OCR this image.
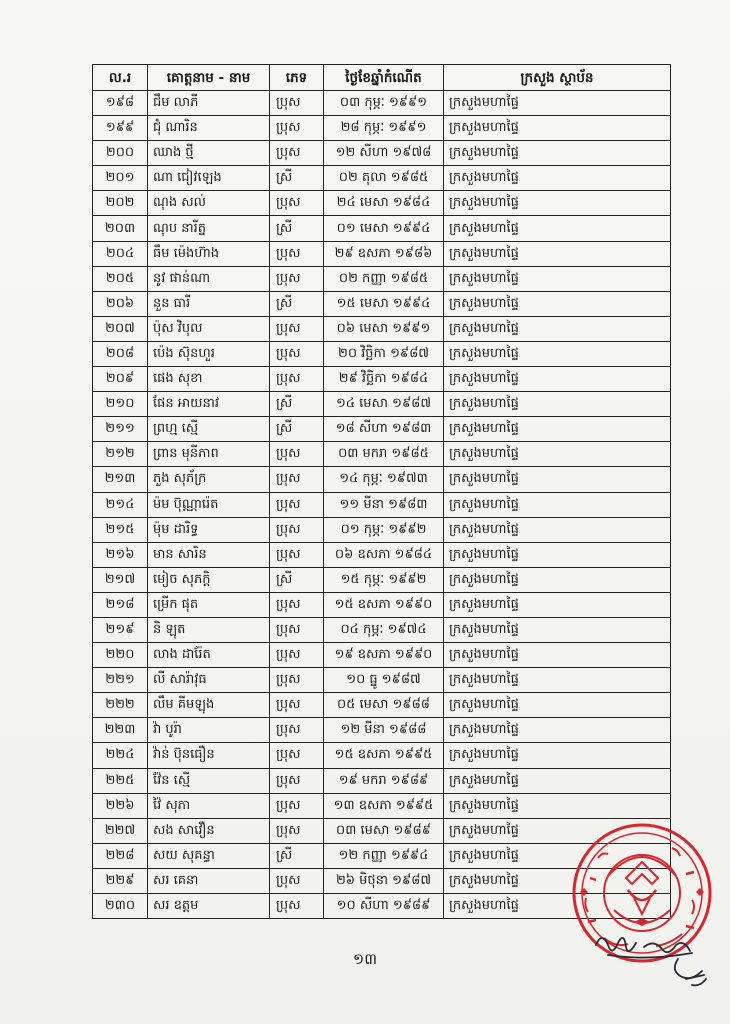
ល.រ	គោត្តនាម - នាម	ភេទ	ថ្ងៃខែឆ្នាំកំណើត	ក្រសួង ស្ថាប័ន
១៩៨	ជឹម លាភី	ប្រុស	០៣ កុម្ភៈ ១៩៩១	ក្រសួងមហាផ្ទៃ
១៩៩	ជុំ ណារិន	ប្រុស	២៨ កុម្ភៈ ១៩៩១	ក្រសួងមហាផ្ទៃ
២០០	ឈាង ថ្មី	ប្រុស	១២ សីហា ១៩៧៨	ក្រសួងមហាផ្ទៃ
២០១	ណា ជៀវឡេង	ស្រី	០២ តុលា ១៩៨៥	ក្រសួងមហាផ្ទៃ
២០២	ណុង សល់	ប្រុស	២៤ មេសា ១៩៨៤	ក្រសួងមហាផ្ទៃ
២០៣	ណុប នារីត្ន	ស្រី	០១ មេសា ១៩៩៤	ក្រសួងមហាផ្ទៃ
២០៤	ធឹម ម៉េងហ៊ាង	ប្រុស	២៩ ឧសភា ១៩៨៦	ក្រសួងមហាផ្ទៃ
២០៥	នូវ ផាន់ណា	ប្រុស	០២ កញ្ញា ១៩៨៥	ក្រសួងមហាផ្ទៃ
២០៦	នួន ធារី	ស្រី	១៥ មេសា ១៩៩៤	ក្រសួងមហាផ្ទៃ
២០៧	ប៉ុស វិបុល	ប្រុស	០៦ មេសា ១៩៩១	ក្រសួងមហាផ្ទៃ
២០៨	ប៉េង ស៊ុនហួរ	ប្រុស	២០ វិច្ឆិកា ១៩៨៧	ក្រសួងមហាផ្ទៃ
២០៩	ផេង សុខា	ប្រុស	២៩ វិច្ឆិកា ១៩៨៤	ក្រសួងមហាផ្ទៃ
២១០	ផែន អាយនាវ	ស្រី	១៤ មេសា ១៩៨៧	ក្រសួងមហាផ្ទៃ
២១១	ព្រហ្ម ស្មើ	ស្រី	១៨ សីហា ១៩៨៣	ក្រសួងមហាផ្ទៃ
២១២	ព្រាន មុនីភាព	ប្រុស	០៣ មករា ១៩៨៥	ក្រសួងមហាផ្ទៃ
២១៣	ភួង សុភ័ក្រ	ប្រុស	១៤ កុម្ភៈ ១៩៧៣	ក្រសួងមហាផ្ទៃ
២១៤	ម៉ម ប៊ុណ្ណារ៉េត	ប្រុស	១១ មីនា ១៩៨៣	ក្រសួងមហាផ្ទៃ
២១៥	ម៉ុម ដារិទ្ធ	ប្រុស	០១ កុម្ភៈ ១៩៩២	ក្រសួងមហាផ្ទៃ
២១៦	មាន សារិន	ប្រុស	០៦ ឧសភា ១៩៨៤	ក្រសួងមហាផ្ទៃ
២១៧	មៀច សុភក្តិ	ស្រី	១៥ កុម្ភៈ ១៩៩២	ក្រសួងមហាផ្ទៃ
២១៨	ម្រើក ផុត	ប្រុស	១៥ ឧសភា ១៩៩០	ក្រសួងមហាផ្ទៃ
២១៩	និ ឡុត	ប្រុស	០៤ កុម្ភៈ ១៩៧៤	ក្រសួងមហាផ្ទៃ
២២០	លាង ដារ៉ែត	ប្រុស	១៩ ឧសភា ១៩៩០	ក្រសួងមហាផ្ទៃ
២២១	លី សារ៉ាវុធ	ប្រុស	១០ ធ្នូ ១៩៨៧	ក្រសួងមហាផ្ទៃ
២២២	លឹម គីមឡុង	ប្រុស	០៥ មេសា ១៩៨៨	ក្រសួងមហាផ្ទៃ
២២៣	វ៉ា បូរ៉ា	ប្រុស	១២ មីនា ១៩៨៨	ក្រសួងមហាផ្ទៃ
២២៤	វ៉ាន់ ប៊ុនធឿន	ប្រុស	១៥ ឧសភា ១៩៩៥	ក្រសួងមហាផ្ទៃ
២២៥	វ៉ែន ស្មើ	ប្រុស	១៩ មករា ១៩៨៩	ក្រសួងមហាផ្ទៃ
២២៦	វ៉ៃ សុភា	ប្រុស	១៣ ឧសភា ១៩៩៥	ក្រសួងមហាផ្ទៃ
២២៧	សង សាវឿន	ប្រុស	០៣ មេសា ១៩៨៩	ក្រសួងមហាផ្ទៃ
២២៨	សយ សុគន្ធា	ស្រី	១២ កញ្ញា ១៩៩៤	ក្រសួងមហាផ្ទៃ
២២៩	សរ គេនា	ប្រុស	២៦ មិថុនា ១៩៨៧	ក្រសួងមហាផ្ទៃ
២៣០	សរ ឧត្តម	ប្រុស	១០ សីហា ១៩៨៩	ក្រសួងមហាផ្ទៃ
១៣
